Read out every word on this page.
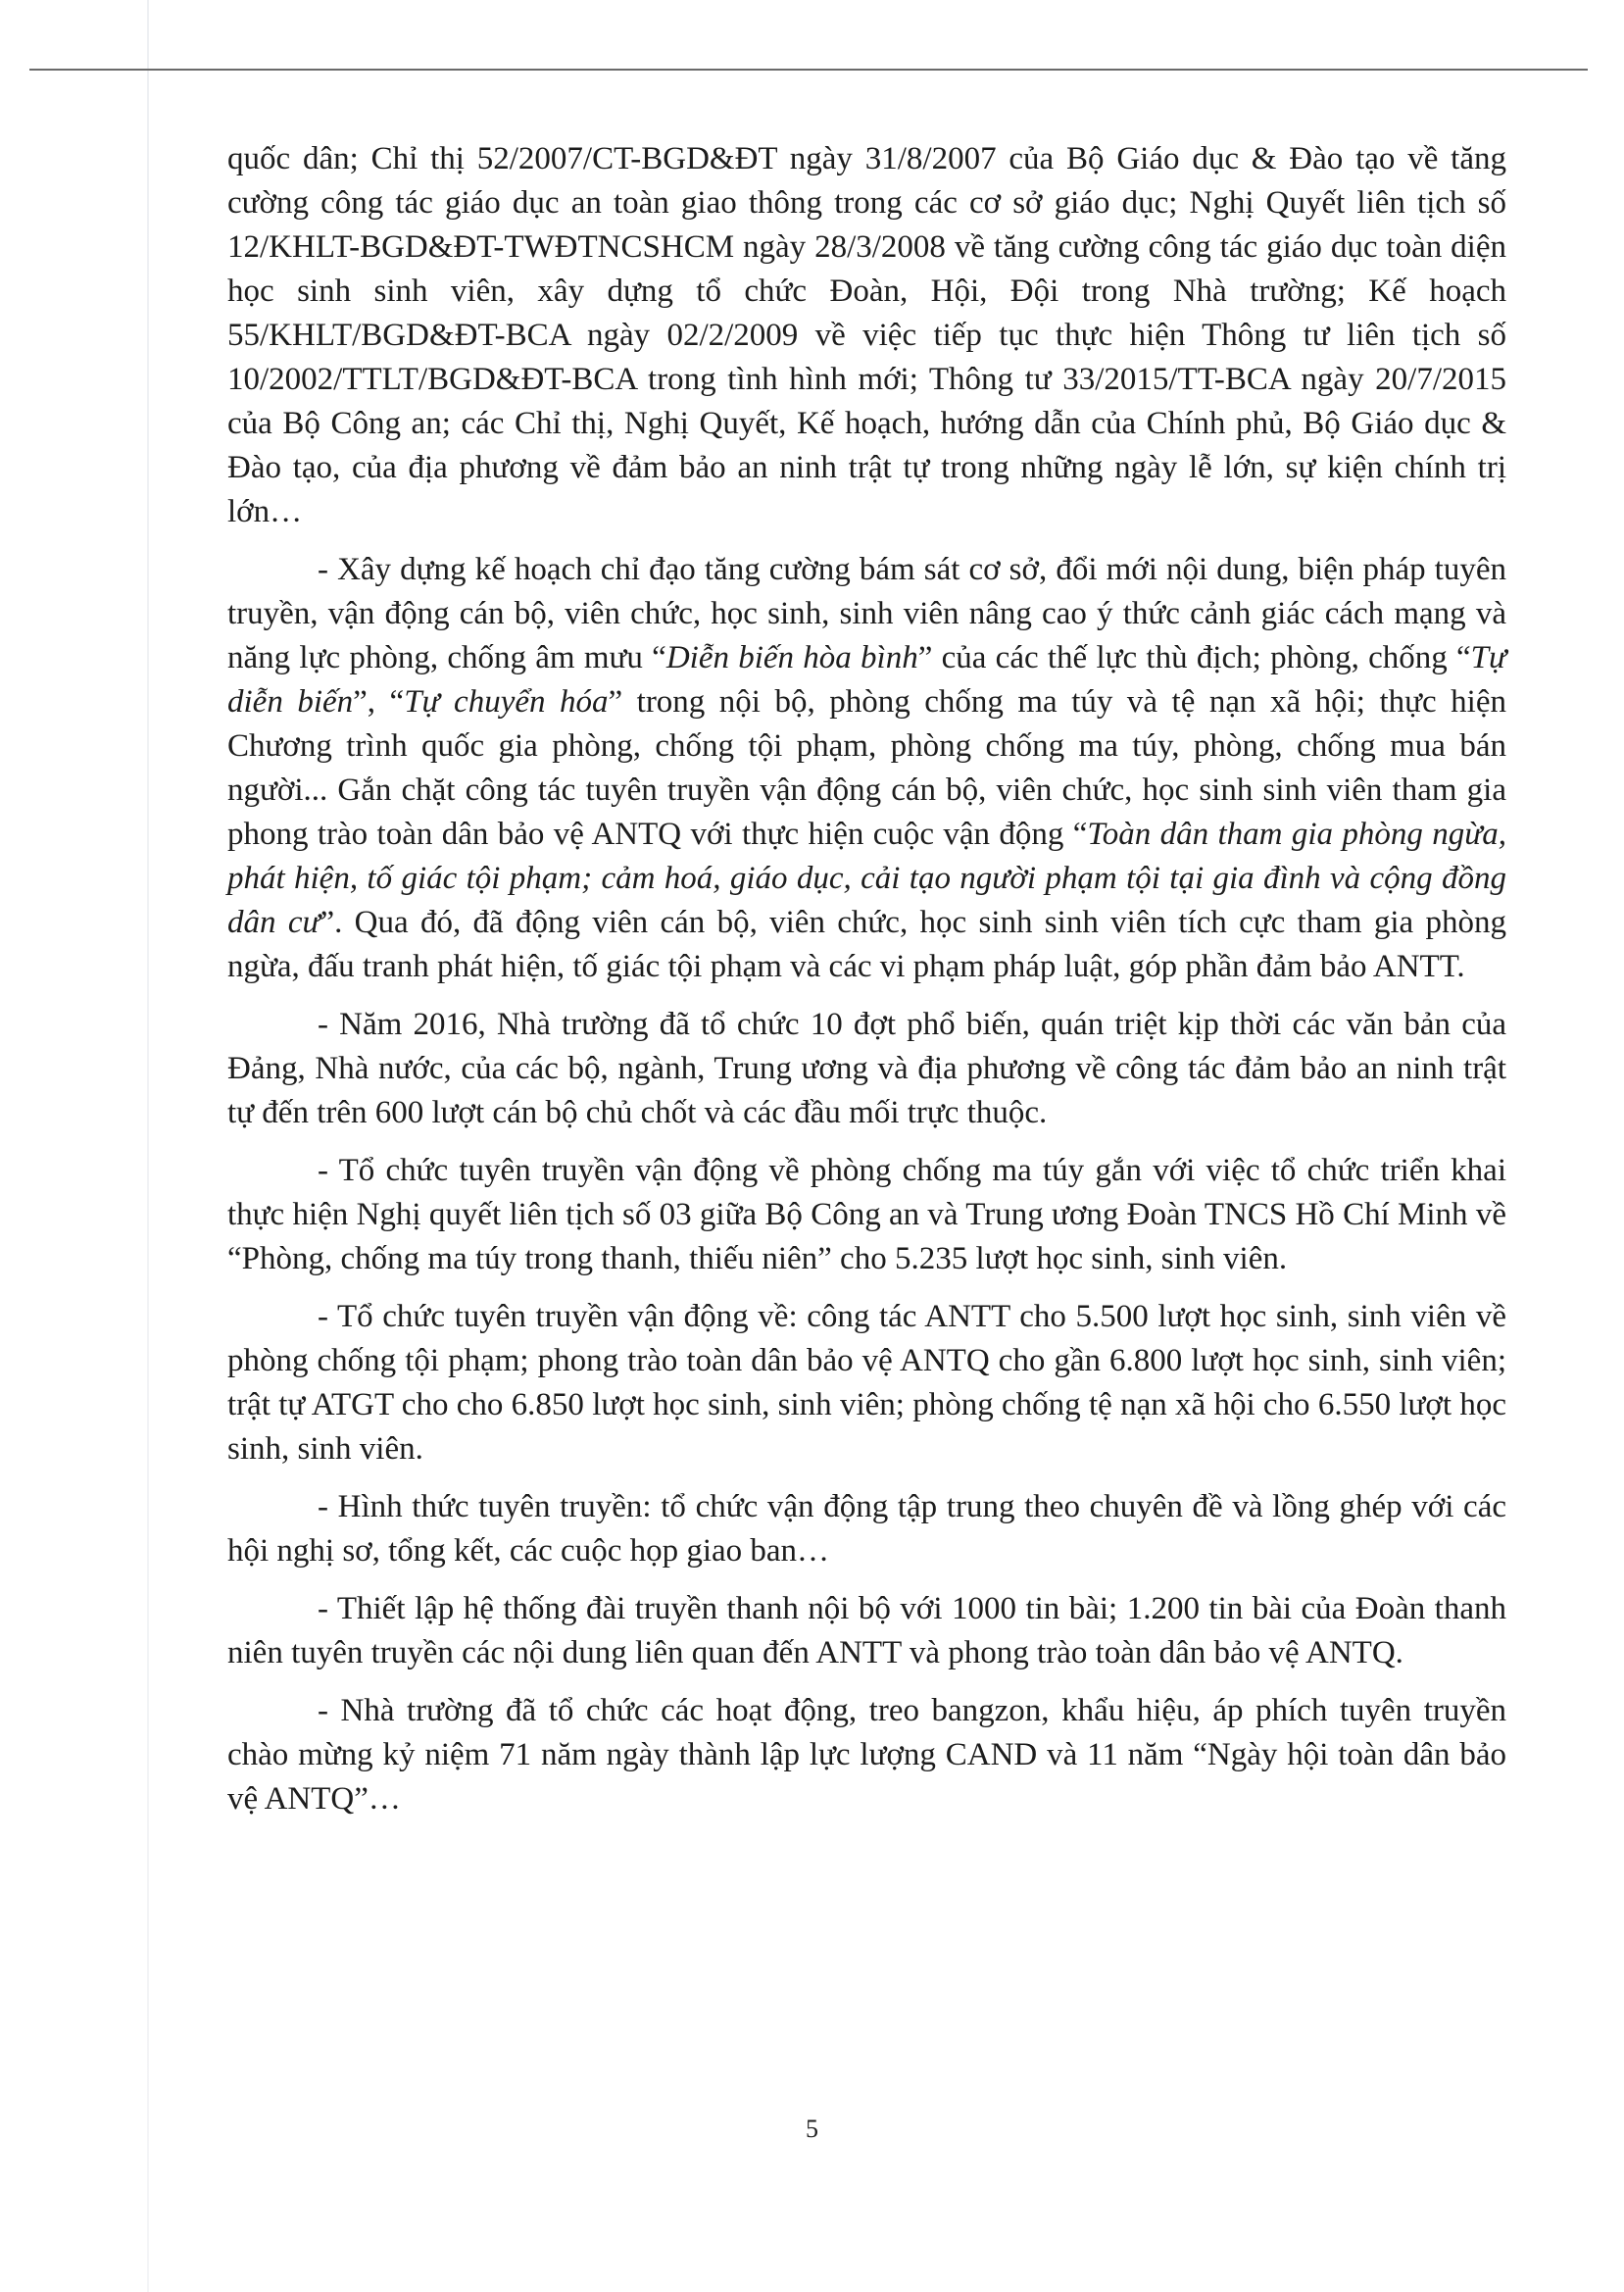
quốc dân; Chỉ thị 52/2007/CT-BGD&ĐT ngày 31/8/2007 của Bộ Giáo dục & Đào tạo về tăng cường công tác giáo dục an toàn giao thông trong các cơ sở giáo dục; Nghị Quyết liên tịch số 12/KHLT-BGD&ĐT-TWĐTNCSHCM ngày 28/3/2008 về tăng cường công tác giáo dục toàn diện học sinh sinh viên, xây dựng tổ chức Đoàn, Hội, Đội trong Nhà trường; Kế hoạch 55/KHLT/BGD&ĐT-BCA ngày 02/2/2009 về việc tiếp tục thực hiện Thông tư liên tịch số 10/2002/TTLT/BGD&ĐT-BCA trong tình hình mới; Thông tư 33/2015/TT-BCA ngày 20/7/2015 của Bộ Công an; các Chỉ thị, Nghị Quyết, Kế hoạch, hướng dẫn của Chính phủ, Bộ Giáo dục & Đào tạo, của địa phương về đảm bảo an ninh trật tự trong những ngày lễ lớn, sự kiện chính trị lớn…

- Xây dựng kế hoạch chỉ đạo tăng cường bám sát cơ sở, đổi mới nội dung, biện pháp tuyên truyền, vận động cán bộ, viên chức, học sinh, sinh viên nâng cao ý thức cảnh giác cách mạng và năng lực phòng, chống âm mưu “Diễn biến hòa bình” của các thế lực thù địch; phòng, chống “Tự diễn biến”, “Tự chuyển hóa” trong nội bộ, phòng chống ma túy và tệ nạn xã hội; thực hiện Chương trình quốc gia phòng, chống tội phạm, phòng chống ma túy, phòng, chống mua bán người... Gắn chặt công tác tuyên truyền vận động cán bộ, viên chức, học sinh sinh viên tham gia phong trào toàn dân bảo vệ ANTQ với thực hiện cuộc vận động “Toàn dân tham gia phòng ngừa, phát hiện, tố giác tội phạm; cảm hoá, giáo dục, cải tạo người phạm tội tại gia đình và cộng đồng dân cư”. Qua đó, đã động viên cán bộ, viên chức, học sinh sinh viên tích cực tham gia phòng ngừa, đấu tranh phát hiện, tố giác tội phạm và các vi phạm pháp luật, góp phần đảm bảo ANTT.

- Năm 2016, Nhà trường đã tổ chức 10 đợt phổ biến, quán triệt kịp thời các văn bản của Đảng, Nhà nước, của các bộ, ngành, Trung ương và địa phương về công tác đảm bảo an ninh trật tự đến trên 600 lượt cán bộ chủ chốt và các đầu mối trực thuộc.

- Tổ chức tuyên truyền vận động về phòng chống ma túy gắn với việc tổ chức triển khai thực hiện Nghị quyết liên tịch số 03 giữa Bộ Công an và Trung ương Đoàn TNCS Hồ Chí Minh về “Phòng, chống ma túy trong thanh, thiếu niên” cho 5.235 lượt học sinh, sinh viên.

- Tổ chức tuyên truyền vận động về: công tác ANTT cho 5.500 lượt học sinh, sinh viên về phòng chống tội phạm; phong trào toàn dân bảo vệ ANTQ cho gần 6.800 lượt học sinh, sinh viên; trật tự ATGT cho cho 6.850 lượt học sinh, sinh viên; phòng chống tệ nạn xã hội cho 6.550 lượt học sinh, sinh viên.

- Hình thức tuyên truyền: tổ chức vận động tập trung theo chuyên đề và lồng ghép với các hội nghị sơ, tổng kết, các cuộc họp giao ban…

- Thiết lập hệ thống đài truyền thanh nội bộ với 1000 tin bài; 1.200 tin bài của Đoàn thanh niên tuyên truyền các nội dung liên quan đến ANTT và phong trào toàn dân bảo vệ ANTQ.

- Nhà trường đã tổ chức các hoạt động, treo bangzon, khẩu hiệu, áp phích tuyên truyền chào mừng kỷ niệm 71 năm ngày thành lập lực lượng CAND và 11 năm “Ngày hội toàn dân bảo vệ ANTQ”…

5
